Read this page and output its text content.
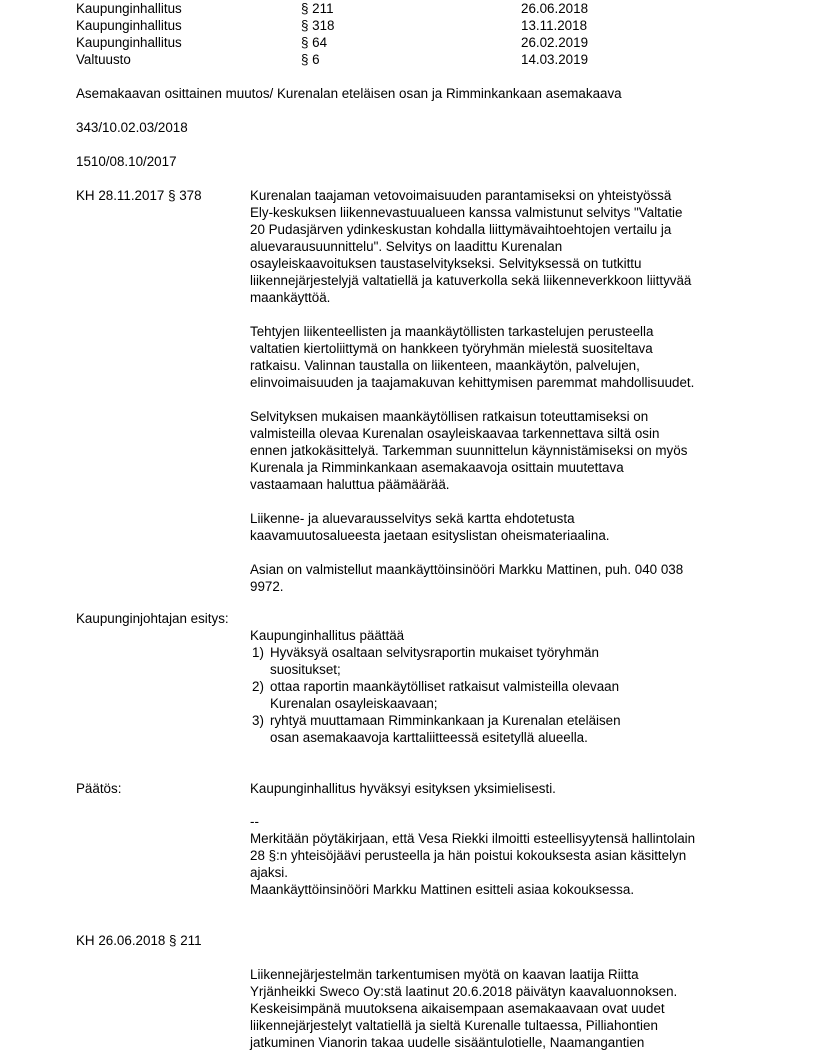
Kaupunginhallitus	§ 211	26.06.2018
Kaupunginhallitus	§ 318	13.11.2018
Kaupunginhallitus	§ 64	26.02.2019
Valtuusto	§ 6	14.03.2019
Asemakaavan osittainen muutos/ Kurenalan eteläisen osan ja Rimminkankaan asemakaava
343/10.02.03/2018
1510/08.10/2017
KH 28.11.2017 § 378	Kurenalan taajaman vetovoimaisuuden parantamiseksi on yhteistyössä
Ely-keskuksen liikennevastuualueen kanssa valmistunut selvitys "Valtatie
20 Pudasjärven ydinkeskustan kohdalla liittymävaihtoehtojen vertailu ja
aluevarausuunnittelu". Selvitys on laadittu Kurenalan
osayleiskaavoituksen taustaselvitykseksi. Selvityksessä on tutkittu
liikennejärjestelyjä valtatiellä ja katuverkolla sekä liikenneverkkoon liittyvää
maankäyttöä.
Tehtyjen liikenteellisten ja maankäytöllisten tarkastelujen perusteella
valtatien kiertoliittymä on hankkeen työryhmän mielestä suositeltava
ratkaisu. Valinnan taustalla on liikenteen, maankäytön, palvelujen,
elinvoimaisuuden ja taajamakuvan kehittymisen paremmat mahdollisuudet.
Selvityksen mukaisen maankäytöllisen ratkaisun toteuttamiseksi on
valmisteilla olevaa Kurenalan osayleiskaavaa tarkennettava siltä osin
ennen jatkokäsittelyä. Tarkemman suunnittelun käynnistämiseksi on myös
Kurenala ja Rimminkankaan asemakaavoja osittain muutettava
vastaamaan haluttua päämäärää.
Liikenne- ja aluevarausselvitys sekä kartta ehdotetusta
kaavamuutosalueesta jaetaan esityslistan oheismateriaalina.
Asian on valmistellut maankäyttöinsinööri Markku Mattinen, puh. 040 038
9972.
Kaupunginjohtajan esitys:
Kaupunginhallitus päättää
1) Hyväksyä osaltaan selvitysraportin mukaiset työryhmän
suositukset;
2) ottaa raportin maankäytölliset ratkaisut valmisteilla olevaan
Kurenalan osayleiskaavaan;
3) ryhtyä muuttamaan Rimminkankaan ja Kurenalan eteläisen
osan asemakaavoja karttaliitteessä esitetyllä alueella.
Päätös:	Kaupunginhallitus hyväksyi esityksen yksimielisesti.
--
Merkitään pöytäkirjaan, että Vesa Riekki ilmoitti esteellisyytensä hallintolain
28 §:n yhteisöjäävi perusteella ja hän poistui kokouksesta asian käsittelyn
ajaksi.
Maankäyttöinsinööri Markku Mattinen esitteli asiaa kokouksessa.
KH 26.06.2018 § 211
Liikennejärjestelmän tarkentumisen myötä on kaavan laatija Riitta
Yrjänheikki Sweco Oy:stä laatinut 20.6.2018 päivätyn kaavaluonnoksen.
Keskeisimpänä muutoksena aikaisempaan asemakaavaan ovat uudet
liikennejärjestelyt valtatiellä ja sieltä Kurenalle tultaessa, Pilliahontien
jatkuminen Vianorin takaa uudelle sisääntulotielle, Naamangantien
